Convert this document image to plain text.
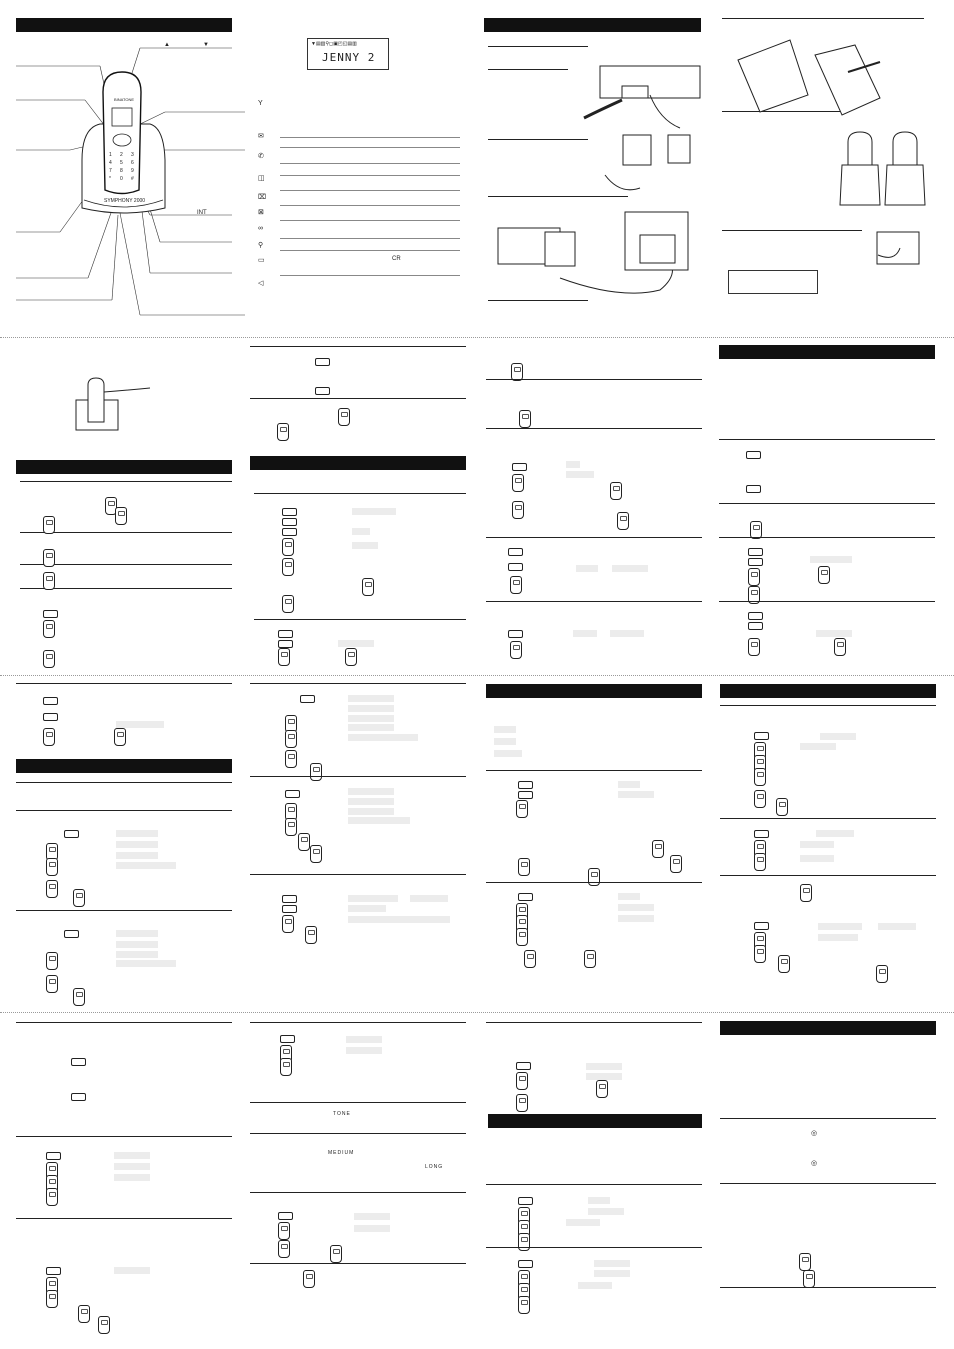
BINATONE
1 2 3
4 5 6
7 8 9
* 0 #
SYMPHONY 2000
▲	▼
INT
▼▤▥⚲◻▣◰◱▤▥
JENNY 2
Y
✉
✆
◫
⌧
⊠
∞
⚲
▭
◁
CR
TONE
MEDIUM
LONG
◎
◎
